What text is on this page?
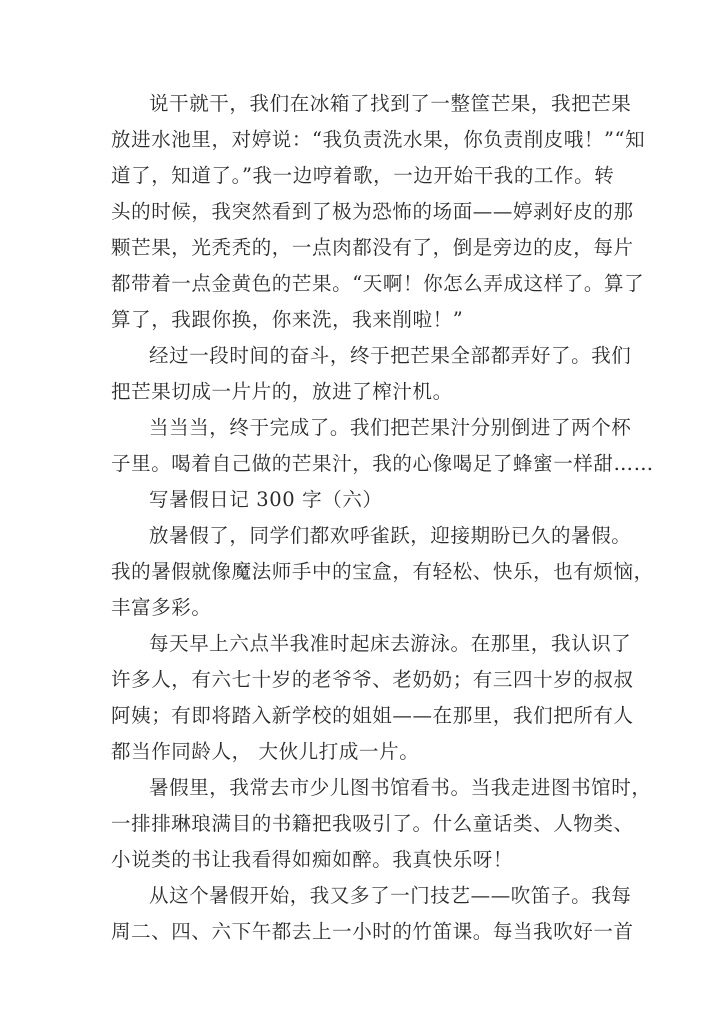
说干就干，我们在冰箱了找到了一整筐芒果，我把芒果
放进水池里，对婷说：“我负责洗水果，你负责削皮哦！”“知
道了，知道了。”我一边哼着歌，一边开始干我的工作。转
头的时候，我突然看到了极为恐怖的场面——婷剥好皮的那
颗芒果，光秃秃的，一点肉都没有了，倒是旁边的皮，每片
都带着一点金黄色的芒果。“天啊！你怎么弄成这样了。算了
算了，我跟你换，你来洗，我来削啦！”
经过一段时间的奋斗，终于把芒果全部都弄好了。我们
把芒果切成一片片的，放进了榨汁机。
当当当，终于完成了。我们把芒果汁分别倒进了两个杯
子里。喝着自己做的芒果汁，我的心像喝足了蜂蜜一样甜……
写暑假日记 300 字（六）
放暑假了，同学们都欢呼雀跃，迎接期盼已久的暑假。
我的暑假就像魔法师手中的宝盒，有轻松、快乐，也有烦恼，
丰富多彩。
每天早上六点半我准时起床去游泳。在那里，我认识了
许多人，有六七十岁的老爷爷、老奶奶；有三四十岁的叔叔
阿姨；有即将踏入新学校的姐姐——在那里，我们把所有人
都当作同龄人， 大伙儿打成一片。
暑假里，我常去市少儿图书馆看书。当我走进图书馆时，
一排排琳琅满目的书籍把我吸引了。什么童话类、人物类、
小说类的书让我看得如痴如醉。我真快乐呀！
从这个暑假开始，我又多了一门技艺——吹笛子。我每
周二、四、六下午都去上一小时的竹笛课。每当我吹好一首
